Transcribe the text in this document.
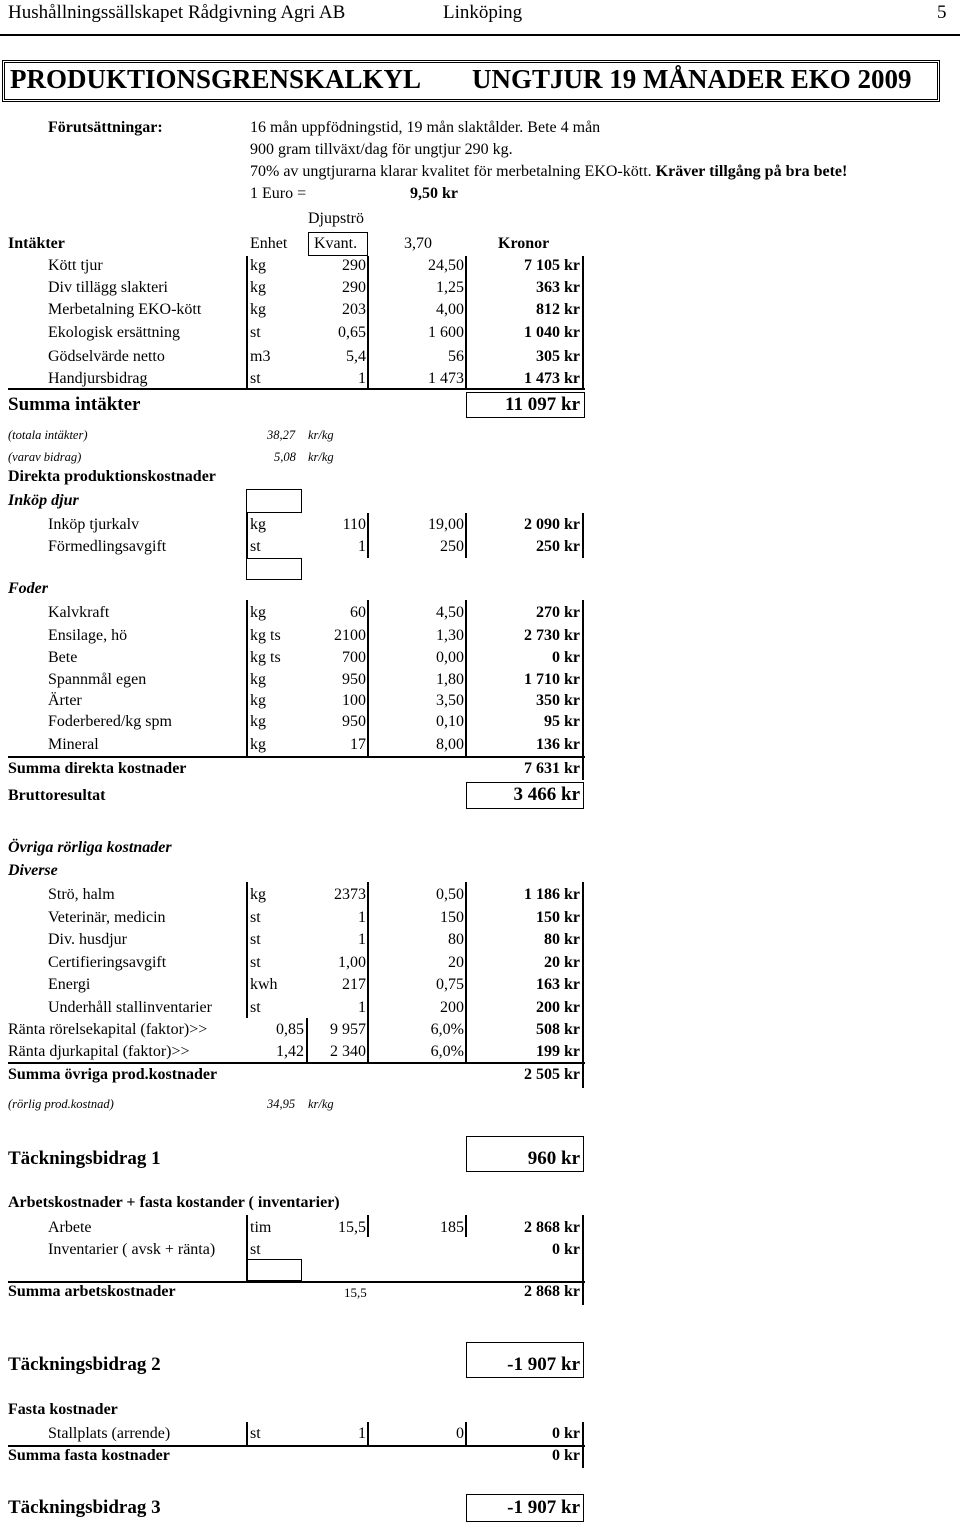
Hushållningssällskapet Rådgivning Agri AB	Linköping	5
PRODUKTIONSGRENSKALKYL UNGTJUR 19 MÅNADER EKO 2009
Förutsättningar:	16 mån uppfödningstid, 19 mån slaktålder. Bete 4 mån
900 gram tillväxt/dag för ungtjur 290 kg.
70% av ungtjurarna klarar kvalitet för merbetalning EKO-kött. Kräver tillgång på bra bete!
1 Euro =	9,50 kr
Djupströ
Intäkter	Enhet Kvant.	3,70	Kronor
Kött tjur	kg	290	24,50	7 105 kr
Div tillägg slakteri	kg	290	1,25	363 kr
Merbetalning EKO-kött	kg	203	4,00	812 kr
Ekologisk ersättning	st	0,65	1 600	1 040 kr
Gödselvärde netto	m3	5,4	56	305 kr
Handjursbidrag	st	1	1 473	1 473 kr
Summa intäkter	11 097 kr
(totala intäkter)	38,27 kr/kg
(varav bidrag)	5,08 kr/kg
Direkta produktionskostnader
Inköp djur
Inköp tjurkalv	kg	110	19,00	2 090 kr
Förmedlingsavgift	st	1	250	250 kr
Foder
Kalvkraft	kg	60	4,50	270 kr
Ensilage, hö	kg ts	2100	1,30	2 730 kr
Bete	kg ts	700	0,00	0 kr
Spannmål egen	kg	950	1,80	1 710 kr
Ärter	kg	100	3,50	350 kr
Foderbered/kg spm	kg	950	0,10	95 kr
Mineral	kg	17	8,00	136 kr
Summa direkta kostnader	7 631 kr
Bruttoresultat	3 466 kr
Övriga rörliga kostnader
Diverse
Strö, halm	kg	2373	0,50	1 186 kr
Veterinär, medicin	st	1	150	150 kr
Div. husdjur	st	1	80	80 kr
Certifieringsavgift	st	1,00	20	20 kr
Energi	kwh	217	0,75	163 kr
Underhåll stallinventarier st	1	200	200 kr
Ränta rörelsekapital (faktor)>>	0,85	9 957	6,0%	508 kr
Ränta djurkapital (faktor)>>	1,42	2 340	6,0%	199 kr
Summa övriga prod.kostnader	2 505 kr
(rörlig prod.kostnad)	34,95 kr/kg
Täckningsbidrag 1	960 kr
Arbetskostnader + fasta kostander ( inventarier)
Arbete	tim	15,5	185	2 868 kr
Inventarier ( avsk + ränta) st	0 kr
Summa arbetskostnader	15,5	2 868 kr
Täckningsbidrag 2	-1 907 kr
Fasta kostnader
Stallplats (arrende)	st	1	0	0 kr
Summa fasta kostnader	0 kr
Täckningsbidrag 3	-1 907 kr
